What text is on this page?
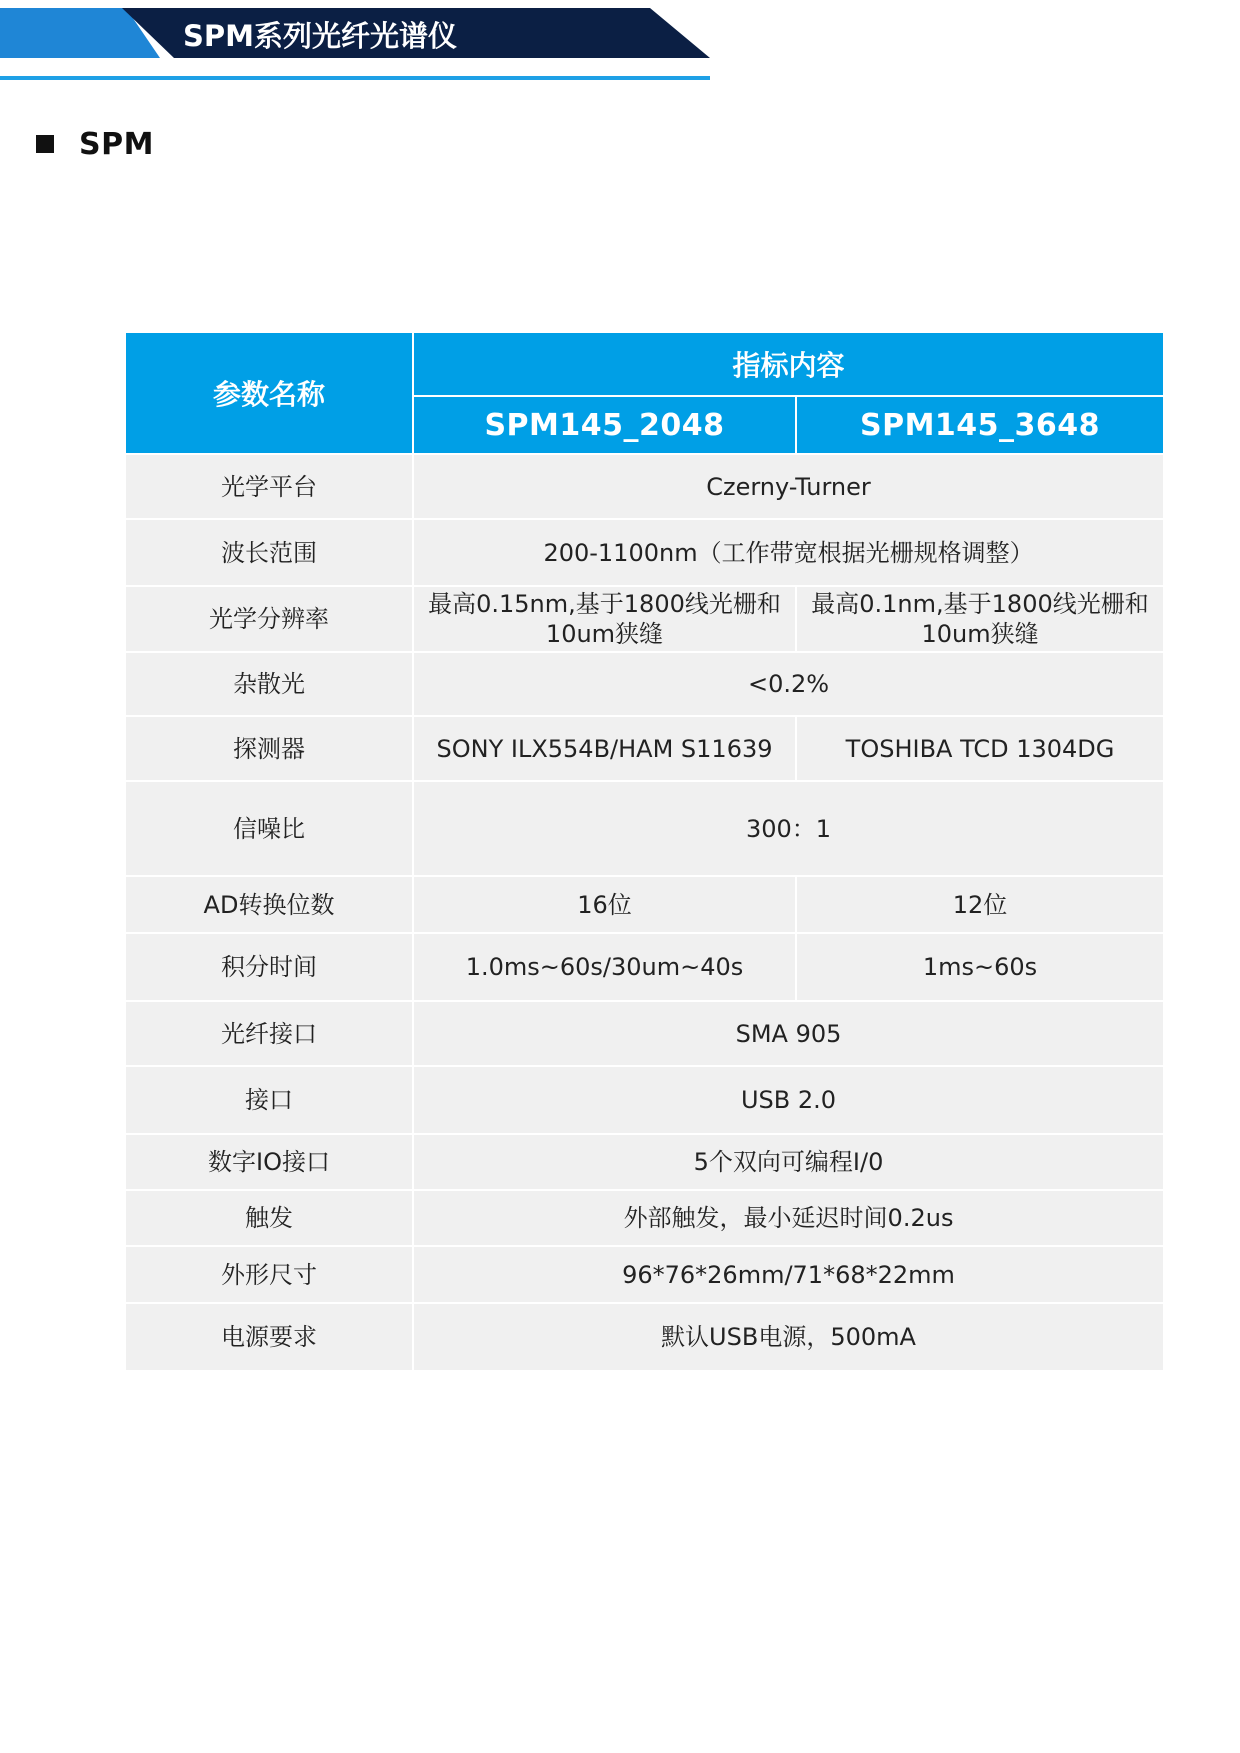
SPM系列光纤光谱仪
SPM
参数名称	指标内容	
	SPM145_2048	SPM145_3648
光学平台	Czerny-Turner	
波长范围	200-1100nm（工作带宽根据光栅规格调整）	
光学分辨率	最高0.15nm,基于1800线光栅和10um狭缝	最高0.1nm,基于1800线光栅和10um狭缝
杂散光	<0.2%	
探测器	SONY ILX554B/HAM S11639	TOSHIBA TCD 1304DG
信噪比	300：1	
AD转换位数	16位	12位
积分时间	1.0ms~60s/30um~40s	1ms~60s
光纤接口	SMA 905	
接口	USB 2.0	
数字IO接口	5个双向可编程I/0	
触发	外部触发，最小延迟时间0.2us	
外形尺寸	96*76*26mm/71*68*22mm	
电源要求	默认USB电源，500mA	
